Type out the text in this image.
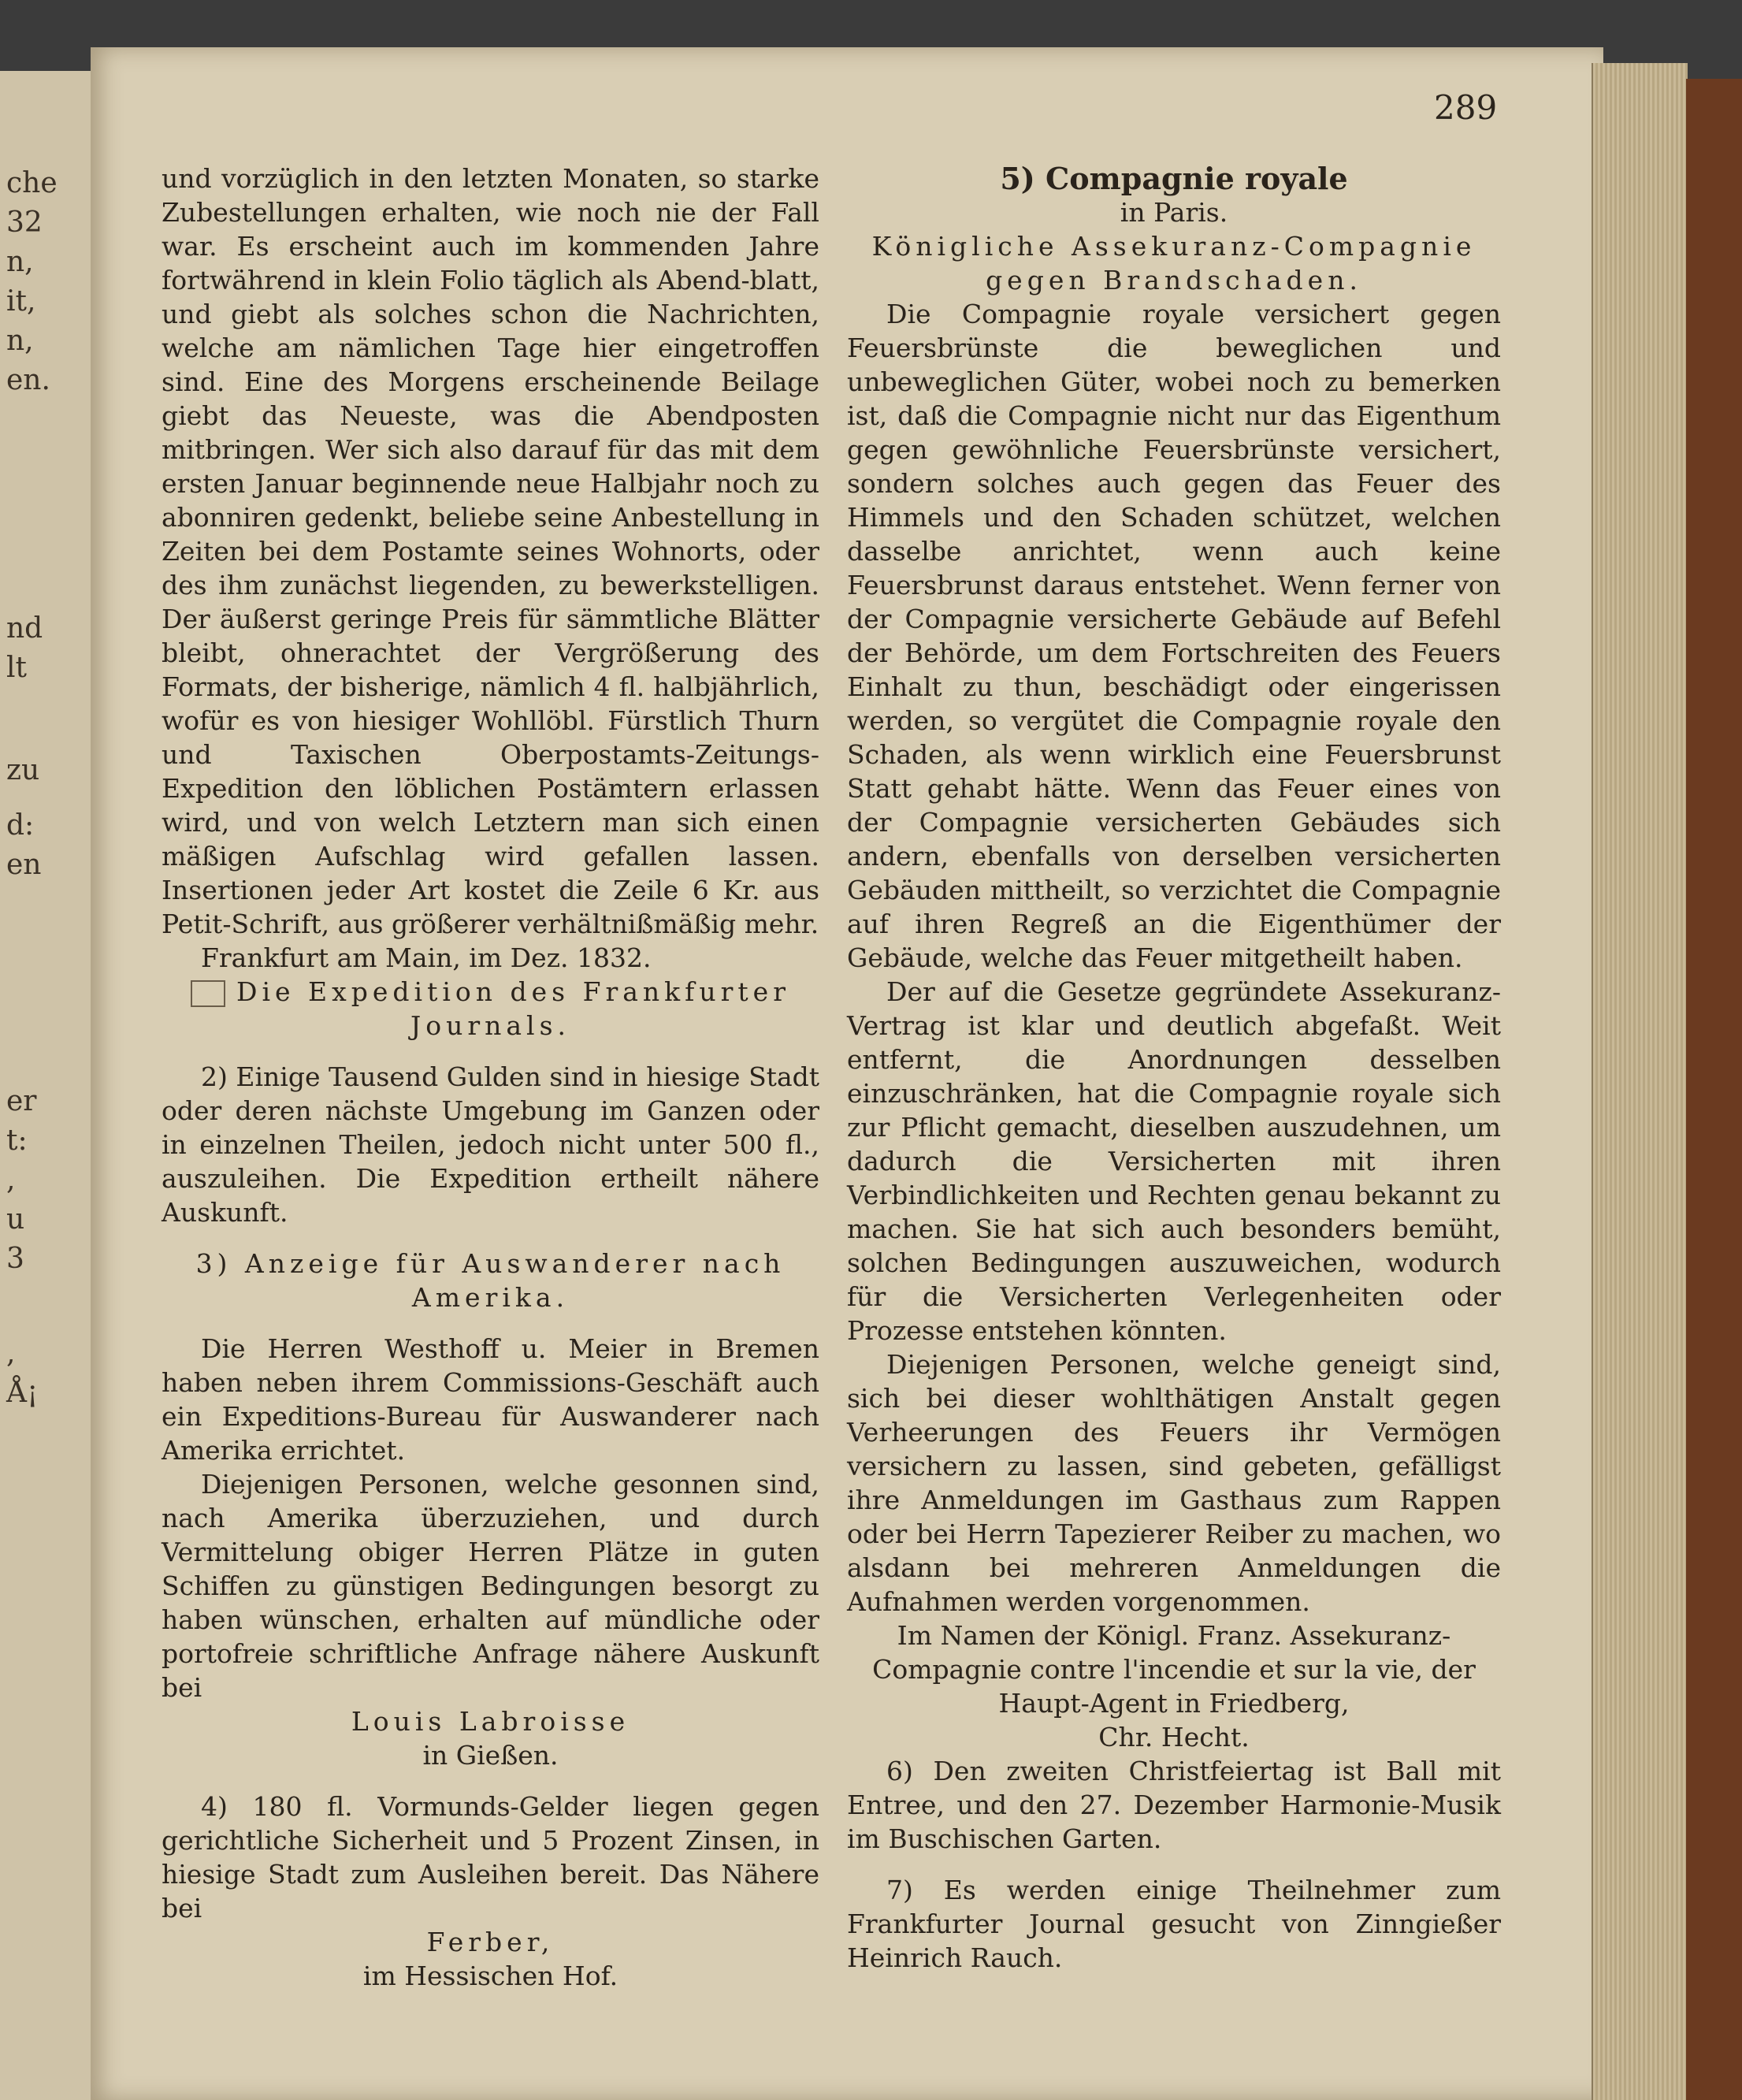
che
32
n,
it,
n,
en.
nd
lt
zu
d:
en
er
t:
,
u
3
,
Å¡
289
und vorzüglich in den letzten Monaten, so starke Zubestellungen erhalten, wie noch nie der Fall war. Es erscheint auch im kommenden Jahre fortwährend in klein Folio täglich als Abend-blatt, und giebt als solches schon die Nachrichten, welche am nämlichen Tage hier eingetroffen sind. Eine des Morgens erscheinende Beilage giebt das Neueste, was die Abendposten mitbringen. Wer sich also darauf für das mit dem ersten Januar beginnende neue Halbjahr noch zu abonniren gedenkt, beliebe seine Anbestellung in Zeiten bei dem Postamte seines Wohnorts, oder des ihm zunächst liegenden, zu bewerkstelligen. Der äußerst geringe Preis für sämmtliche Blätter bleibt, ohnerachtet der Vergrößerung des Formats, der bisherige, nämlich 4 fl. halbjährlich, wofür es von hiesiger Wohllöbl. Fürstlich Thurn und Taxischen Oberpostamts-Zeitungs-Expedition den löblichen Postämtern erlassen wird, und von welch Letztern man sich einen mäßigen Aufschlag wird gefallen lassen. Insertionen jeder Art kostet die Zeile 6 Kr. aus Petit-Schrift, aus größerer verhältnißmäßig mehr.
Frankfurt am Main, im Dez. 1832.
Die Expedition des Frankfurter Journals.
2) Einige Tausend Gulden sind in hiesige Stadt oder deren nächste Umgebung im Ganzen oder in einzelnen Theilen, jedoch nicht unter 500 fl., auszuleihen. Die Expedition ertheilt nähere Auskunft.
3) Anzeige für Auswanderer nach Amerika.
Die Herren Westhoff u. Meier in Bremen haben neben ihrem Commissions-Geschäft auch ein Expeditions-Bureau für Auswanderer nach Amerika errichtet.
Diejenigen Personen, welche gesonnen sind, nach Amerika überzuziehen, und durch Vermittelung obiger Herren Plätze in guten Schiffen zu günstigen Bedingungen besorgt zu haben wünschen, erhalten auf mündliche oder portofreie schriftliche Anfrage nähere Auskunft bei
Louis Labroisse
in Gießen.
4) 180 fl. Vormunds-Gelder liegen gegen gerichtliche Sicherheit und 5 Prozent Zinsen, in hiesige Stadt zum Ausleihen bereit. Das Nähere bei
Ferber,
im Hessischen Hof.
5) Compagnie royale
in Paris.
Königliche Assekuranz-Compagnie gegen Brandschaden.
Die Compagnie royale versichert gegen Feuersbrünste die beweglichen und unbeweglichen Güter, wobei noch zu bemerken ist, daß die Compagnie nicht nur das Eigenthum gegen gewöhnliche Feuersbrünste versichert, sondern solches auch gegen das Feuer des Himmels und den Schaden schützet, welchen dasselbe anrichtet, wenn auch keine Feuersbrunst daraus entstehet. Wenn ferner von der Compagnie versicherte Gebäude auf Befehl der Behörde, um dem Fortschreiten des Feuers Einhalt zu thun, beschädigt oder eingerissen werden, so vergütet die Compagnie royale den Schaden, als wenn wirklich eine Feuersbrunst Statt gehabt hätte. Wenn das Feuer eines von der Compagnie versicherten Gebäudes sich andern, ebenfalls von derselben versicherten Gebäuden mittheilt, so verzichtet die Compagnie auf ihren Regreß an die Eigenthümer der Gebäude, welche das Feuer mitgetheilt haben.
Der auf die Gesetze gegründete Assekuranz-Vertrag ist klar und deutlich abgefaßt. Weit entfernt, die Anordnungen desselben einzuschränken, hat die Compagnie royale sich zur Pflicht gemacht, dieselben auszudehnen, um dadurch die Versicherten mit ihren Verbindlichkeiten und Rechten genau bekannt zu machen. Sie hat sich auch besonders bemüht, solchen Bedingungen auszuweichen, wodurch für die Versicherten Verlegenheiten oder Prozesse entstehen könnten.
Diejenigen Personen, welche geneigt sind, sich bei dieser wohlthätigen Anstalt gegen Verheerungen des Feuers ihr Vermögen versichern zu lassen, sind gebeten, gefälligst ihre Anmeldungen im Gasthaus zum Rappen oder bei Herrn Tapezierer Reiber zu machen, wo alsdann bei mehreren Anmeldungen die Aufnahmen werden vorgenommen.
Im Namen der Königl. Franz. Assekuranz-Compagnie contre l'incendie et sur la vie, der Haupt-Agent in Friedberg,
Chr. Hecht.
6) Den zweiten Christfeiertag ist Ball mit Entree, und den 27. Dezember Harmonie-Musik im Buschischen Garten.
7) Es werden einige Theilnehmer zum Frankfurter Journal gesucht von Zinngießer Heinrich Rauch.
